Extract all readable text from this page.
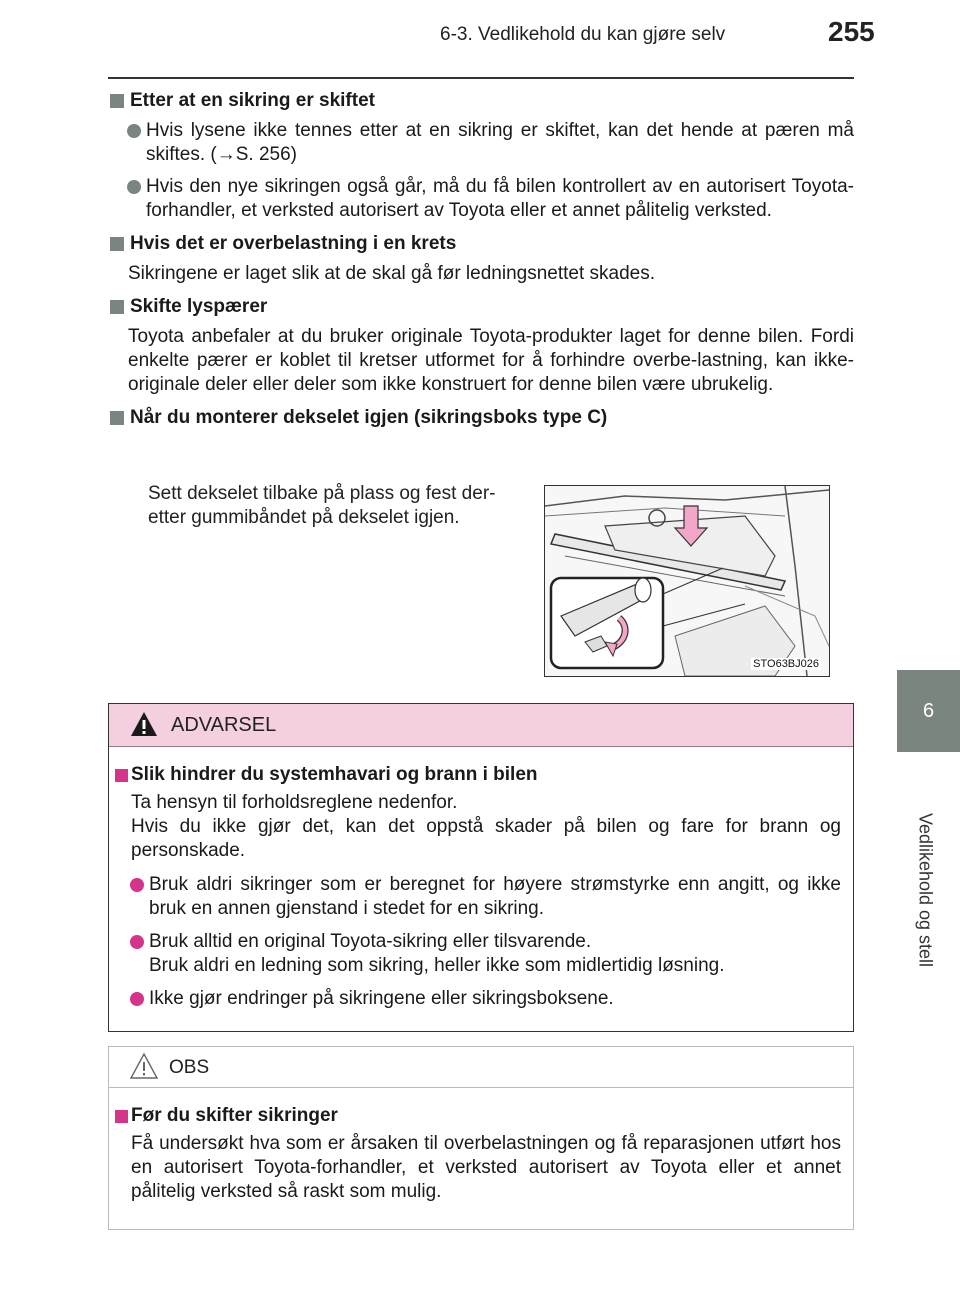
6-3. Vedlikehold du kan gjøre selv	255
6
Vedlikehold og stell
Etter at en sikring er skiftet
Hvis lysene ikke tennes etter at en sikring er skiftet, kan det hende at pæren må skiftes. (→S. 256)
Hvis den nye sikringen også går, må du få bilen kontrollert av en autorisert Toyota-forhandler, et verksted autorisert av Toyota eller et annet pålitelig verksted.
Hvis det er overbelastning i en krets
Sikringene er laget slik at de skal gå før ledningsnettet skades.
Skifte lyspærer
Toyota anbefaler at du bruker originale Toyota-produkter laget for denne bilen. Fordi enkelte pærer er koblet til kretser utformet for å forhindre overbe-lastning, kan ikke-originale deler eller deler som ikke konstruert for denne bilen være ubrukelig.
Når du monterer dekselet igjen (sikringsboks type C)
Sett dekselet tilbake på plass og fest der-etter gummibåndet på dekselet igjen.
STO63BJ026
ADVARSEL
Slik hindrer du systemhavari og brann i bilen
Ta hensyn til forholdsreglene nedenfor.
Hvis du ikke gjør det, kan det oppstå skader på bilen og fare for brann og personskade.
Bruk aldri sikringer som er beregnet for høyere strømstyrke enn angitt, og ikke bruk en annen gjenstand i stedet for en sikring.
Bruk alltid en original Toyota-sikring eller tilsvarende.
Bruk aldri en ledning som sikring, heller ikke som midlertidig løsning.
Ikke gjør endringer på sikringene eller sikringsboksene.
OBS
Før du skifter sikringer
Få undersøkt hva som er årsaken til overbelastningen og få reparasjonen utført hos en autorisert Toyota-forhandler, et verksted autorisert av Toyota eller et annet pålitelig verksted så raskt som mulig.
